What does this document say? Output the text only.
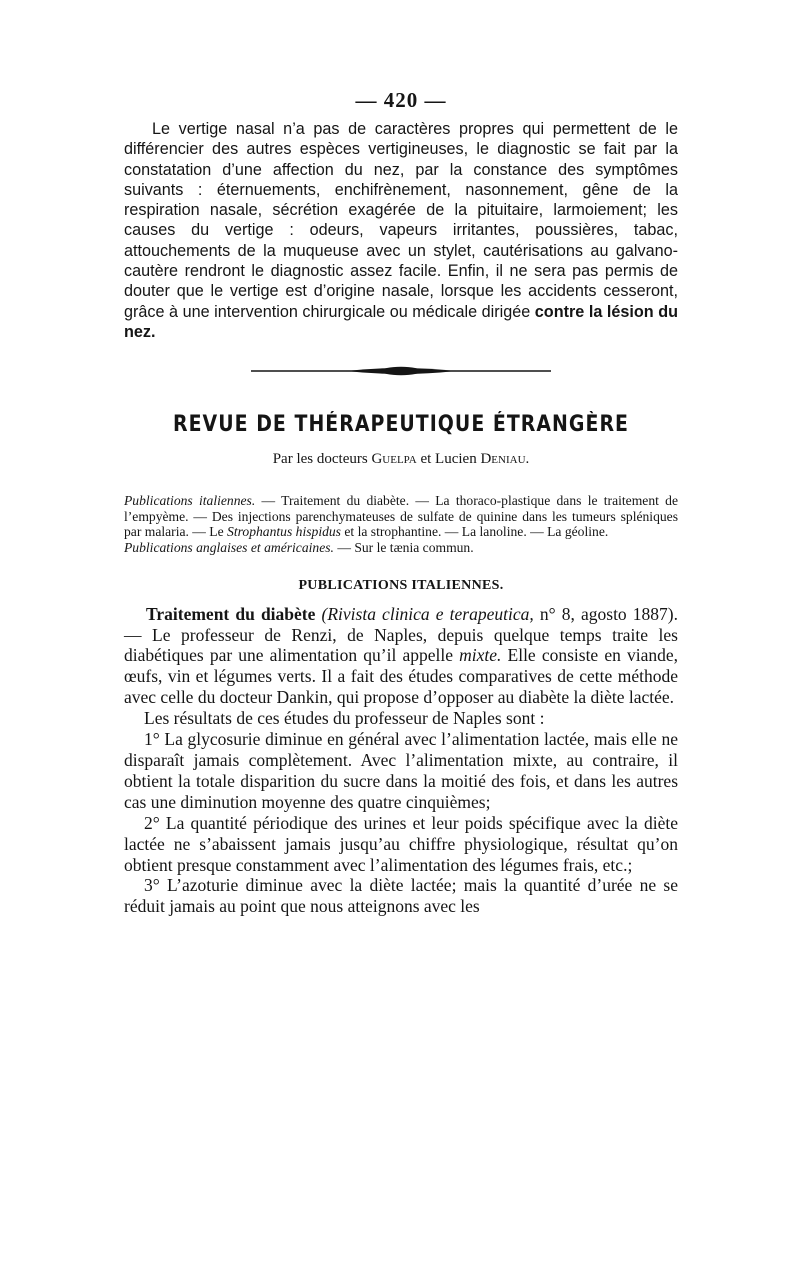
— 420 —

Le vertige nasal n’a pas de caractères propres qui permettent de le différencier des autres espèces vertigineuses, le diagnostic se fait par la constatation d’une affection du nez, par la constance des symptômes suivants : éternuements, enchifrènement, nasonnement, gêne de la respiration nasale, sécrétion exagérée de la pituitaire, larmoiement; les causes du vertige : odeurs, vapeurs irritantes, poussières, tabac, attouchements de la muqueuse avec un stylet, cautérisations au galvano-cautère rendront le diagnostic assez facile. Enfin, il ne sera pas permis de douter que le vertige est d’origine nasale, lorsque les accidents cesseront, grâce à une intervention chirurgicale ou médicale dirigée contre la lésion du nez.

REVUE DE THÉRAPEUTIQUE ÉTRANGÈRE
Par les docteurs Guelpa et Lucien Deniau.

Publications italiennes. — Traitement du diabète. — La thoraco-plastique dans le traitement de l’empyème. — Des injections parenchymateuses de sulfate de quinine dans les tumeurs spléniques par malaria. — Le Strophantus hispidus et la strophantine. — La lanoline. — La géoline.

Publications anglaises et américaines. — Sur le tænia commun.

PUBLICATIONS ITALIENNES.

Traitement du diabète (Rivista clinica e terapeutica, n° 8, agosto 1887). — Le professeur de Renzi, de Naples, depuis quelque temps traite les diabétiques par une alimentation qu’il appelle mixte. Elle consiste en viande, œufs, vin et légumes verts. Il a fait des études comparatives de cette méthode avec celle du docteur Dankin, qui propose d’opposer au diabète la diète lactée.

Les résultats de ces études du professeur de Naples sont :

1° La glycosurie diminue en général avec l’alimentation lactée, mais elle ne disparaît jamais complètement. Avec l’alimentation mixte, au contraire, il obtient la totale disparition du sucre dans la moitié des fois, et dans les autres cas une diminution moyenne des quatre cinquièmes;

2° La quantité périodique des urines et leur poids spécifique avec la diète lactée ne s’abaissent jamais jusqu’au chiffre physiologique, résultat qu’on obtient presque constamment avec l’alimentation des légumes frais, etc.;

3° L’azoturie diminue avec la diète lactée; mais la quantité d’urée ne se réduit jamais au point que nous atteignons avec les
